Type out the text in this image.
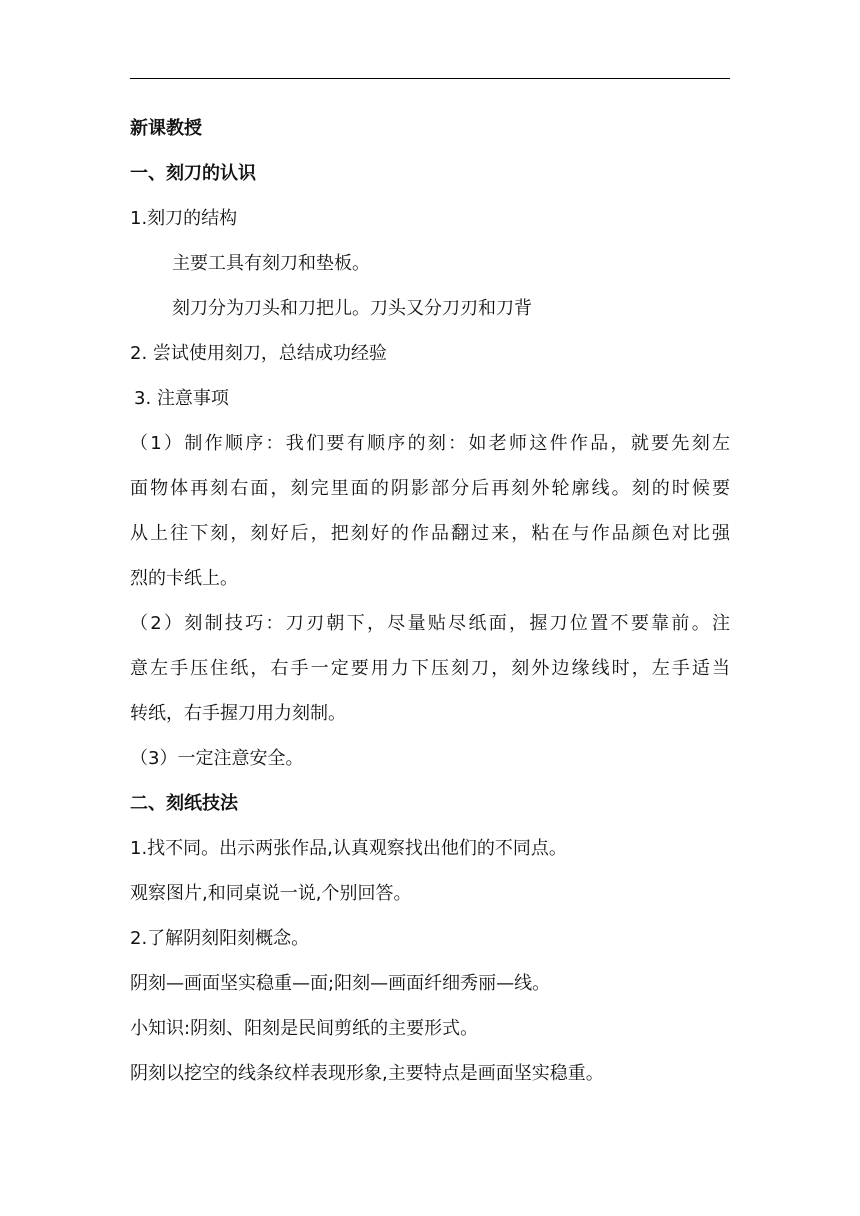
新课教授

一、刻刀的认识

1.刻刀的结构

主要工具有刻刀和垫板。

刻刀分为刀头和刀把儿。刀头又分刀刃和刀背

2. 尝试使用刻刀，总结成功经验

3. 注意事项

（1）制作顺序：我们要有顺序的刻：如老师这件作品，就要先刻左
面物体再刻右面，刻完里面的阴影部分后再刻外轮廓线。刻的时候要
从上往下刻，刻好后，把刻好的作品翻过来，粘在与作品颜色对比强
烈的卡纸上。
（2）刻制技巧：刀刃朝下，尽量贴尽纸面，握刀位置不要靠前。注
意左手压住纸，右手一定要用力下压刻刀，刻外边缘线时，左手适当
转纸，右手握刀用力刻制。

（3）一定注意安全。

二、刻纸技法

1.找不同。出示两张作品,认真观察找出他们的不同点。

观察图片,和同桌说一说,个别回答。

2.了解阴刻阳刻概念。

阴刻—画面坚实稳重—面;阳刻—画面纤细秀丽—线。

小知识:阴刻、阳刻是民间剪纸的主要形式。

阴刻以挖空的线条纹样表现形象,主要特点是画面坚实稳重。
